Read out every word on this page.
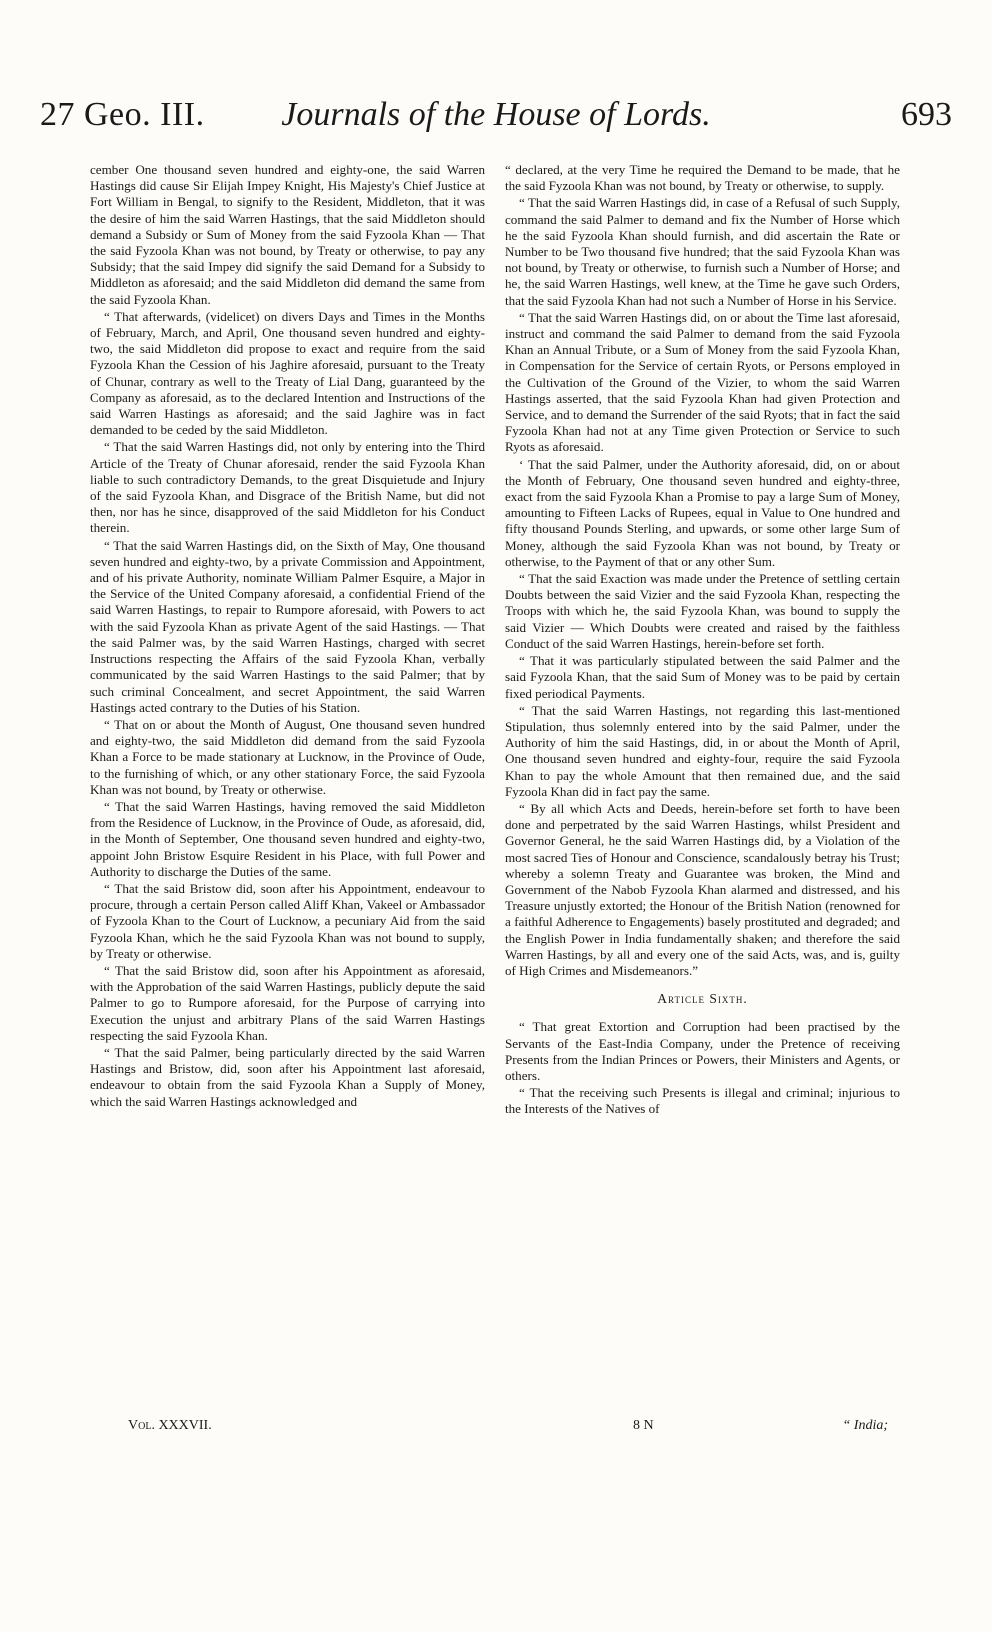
27 Geo. III.	Journals of the House of Lords.	693

cember One thousand seven hundred and eighty-one, the said Warren Hastings did cause Sir Elijah Impey Knight, His Majesty's Chief Justice at Fort William in Bengal, to signify to the Resident, Middleton, that it was the desire of him the said Warren Hastings, that the said Middleton should demand a Subsidy or Sum of Money from the said Fyzoola Khan — That the said Fyzoola Khan was not bound, by Treaty or otherwise, to pay any Subsidy; that the said Impey did signify the said Demand for a Subsidy to Middleton as aforesaid; and the said Middleton did demand the same from the said Fyzoola Khan.

“ That afterwards, (videlicet) on divers Days and Times in the Months of February, March, and April, One thousand seven hundred and eighty-two, the said Middleton did propose to exact and require from the said Fyzoola Khan the Cession of his Jaghire aforesaid, pursuant to the Treaty of Chunar, contrary as well to the Treaty of Lial Dang, guaranteed by the Company as aforesaid, as to the declared Intention and Instructions of the said Warren Hastings as aforesaid; and the said Jaghire was in fact demanded to be ceded by the said Middleton.

“ That the said Warren Hastings did, not only by entering into the Third Article of the Treaty of Chunar aforesaid, render the said Fyzoola Khan liable to such contradictory Demands, to the great Disquietude and Injury of the said Fyzoola Khan, and Disgrace of the British Name, but did not then, nor has he since, disapproved of the said Middleton for his Conduct therein.

“ That the said Warren Hastings did, on the Sixth of May, One thousand seven hundred and eighty-two, by a private Commission and Appointment, and of his private Authority, nominate William Palmer Esquire, a Major in the Service of the United Company aforesaid, a confidential Friend of the said Warren Hastings, to repair to Rumpore aforesaid, with Powers to act with the said Fyzoola Khan as private Agent of the said Hastings. — That the said Palmer was, by the said Warren Hastings, charged with secret Instructions respecting the Affairs of the said Fyzoola Khan, verbally communicated by the said Warren Hastings to the said Palmer; that by such criminal Concealment, and secret Appointment, the said Warren Hastings acted contrary to the Duties of his Station.

“ That on or about the Month of August, One thousand seven hundred and eighty-two, the said Middleton did demand from the said Fyzoola Khan a Force to be made stationary at Lucknow, in the Province of Oude, to the furnishing of which, or any other stationary Force, the said Fyzoola Khan was not bound, by Treaty or otherwise.

“ That the said Warren Hastings, having removed the said Middleton from the Residence of Lucknow, in the Province of Oude, as aforesaid, did, in the Month of September, One thousand seven hundred and eighty-two, appoint John Bristow Esquire Resident in his Place, with full Power and Authority to discharge the Duties of the same.

“ That the said Bristow did, soon after his Appointment, endeavour to procure, through a certain Person called Aliff Khan, Vakeel or Ambassador of Fyzoola Khan to the Court of Lucknow, a pecuniary Aid from the said Fyzoola Khan, which he the said Fyzoola Khan was not bound to supply, by Treaty or otherwise.

“ That the said Bristow did, soon after his Appointment as aforesaid, with the Approbation of the said Warren Hastings, publicly depute the said Palmer to go to Rumpore aforesaid, for the Purpose of carrying into Execution the unjust and arbitrary Plans of the said Warren Hastings respecting the said Fyzoola Khan.

“ That the said Palmer, being particularly directed by the said Warren Hastings and Bristow, did, soon after his Appointment last aforesaid, endeavour to obtain from the said Fyzoola Khan a Supply of Money, which the said Warren Hastings acknowledged and

“ declared, at the very Time he required the Demand to be made, that he the said Fyzoola Khan was not bound, by Treaty or otherwise, to supply.

“ That the said Warren Hastings did, in case of a Refusal of such Supply, command the said Palmer to demand and fix the Number of Horse which he the said Fyzoola Khan should furnish, and did ascertain the Rate or Number to be Two thousand five hundred; that the said Fyzoola Khan was not bound, by Treaty or otherwise, to furnish such a Number of Horse; and he, the said Warren Hastings, well knew, at the Time he gave such Orders, that the said Fyzoola Khan had not such a Number of Horse in his Service.

“ That the said Warren Hastings did, on or about the Time last aforesaid, instruct and command the said Palmer to demand from the said Fyzoola Khan an Annual Tribute, or a Sum of Money from the said Fyzoola Khan, in Compensation for the Service of certain Ryots, or Persons employed in the Cultivation of the Ground of the Vizier, to whom the said Warren Hastings asserted, that the said Fyzoola Khan had given Protection and Service, and to demand the Surrender of the said Ryots; that in fact the said Fyzoola Khan had not at any Time given Protection or Service to such Ryots as aforesaid.

‘ That the said Palmer, under the Authority aforesaid, did, on or about the Month of February, One thousand seven hundred and eighty-three, exact from the said Fyzoola Khan a Promise to pay a large Sum of Money, amounting to Fifteen Lacks of Rupees, equal in Value to One hundred and fifty thousand Pounds Sterling, and upwards, or some other large Sum of Money, although the said Fyzoola Khan was not bound, by Treaty or otherwise, to the Payment of that or any other Sum.

“ That the said Exaction was made under the Pretence of settling certain Doubts between the said Vizier and the said Fyzoola Khan, respecting the Troops with which he, the said Fyzoola Khan, was bound to supply the said Vizier — Which Doubts were created and raised by the faithless Conduct of the said Warren Hastings, herein-before set forth.

“ That it was particularly stipulated between the said Palmer and the said Fyzoola Khan, that the said Sum of Money was to be paid by certain fixed periodical Payments.

“ That the said Warren Hastings, not regarding this last-mentioned Stipulation, thus solemnly entered into by the said Palmer, under the Authority of him the said Hastings, did, in or about the Month of April, One thousand seven hundred and eighty-four, require the said Fyzoola Khan to pay the whole Amount that then remained due, and the said Fyzoola Khan did in fact pay the same.

“ By all which Acts and Deeds, herein-before set forth to have been done and perpetrated by the said Warren Hastings, whilst President and Governor General, he the said Warren Hastings did, by a Violation of the most sacred Ties of Honour and Conscience, scandalously betray his Trust; whereby a solemn Treaty and Guarantee was broken, the Mind and Government of the Nabob Fyzoola Khan alarmed and distressed, and his Treasure unjustly extorted; the Honour of the British Nation (renowned for a faithful Adherence to Engagements) basely prostituted and degraded; and the English Power in India fundamentally shaken; and therefore the said Warren Hastings, by all and every one of the said Acts, was, and is, guilty of High Crimes and Misdemeanors.”

Article Sixth.

“ That great Extortion and Corruption had been practised by the Servants of the East-India Company, under the Pretence of receiving Presents from the Indian Princes or Powers, their Ministers and Agents, or others.

“ That the receiving such Presents is illegal and criminal; injurious to the Interests of the Natives of

Vol. XXXVII.	8 N	“ India;
